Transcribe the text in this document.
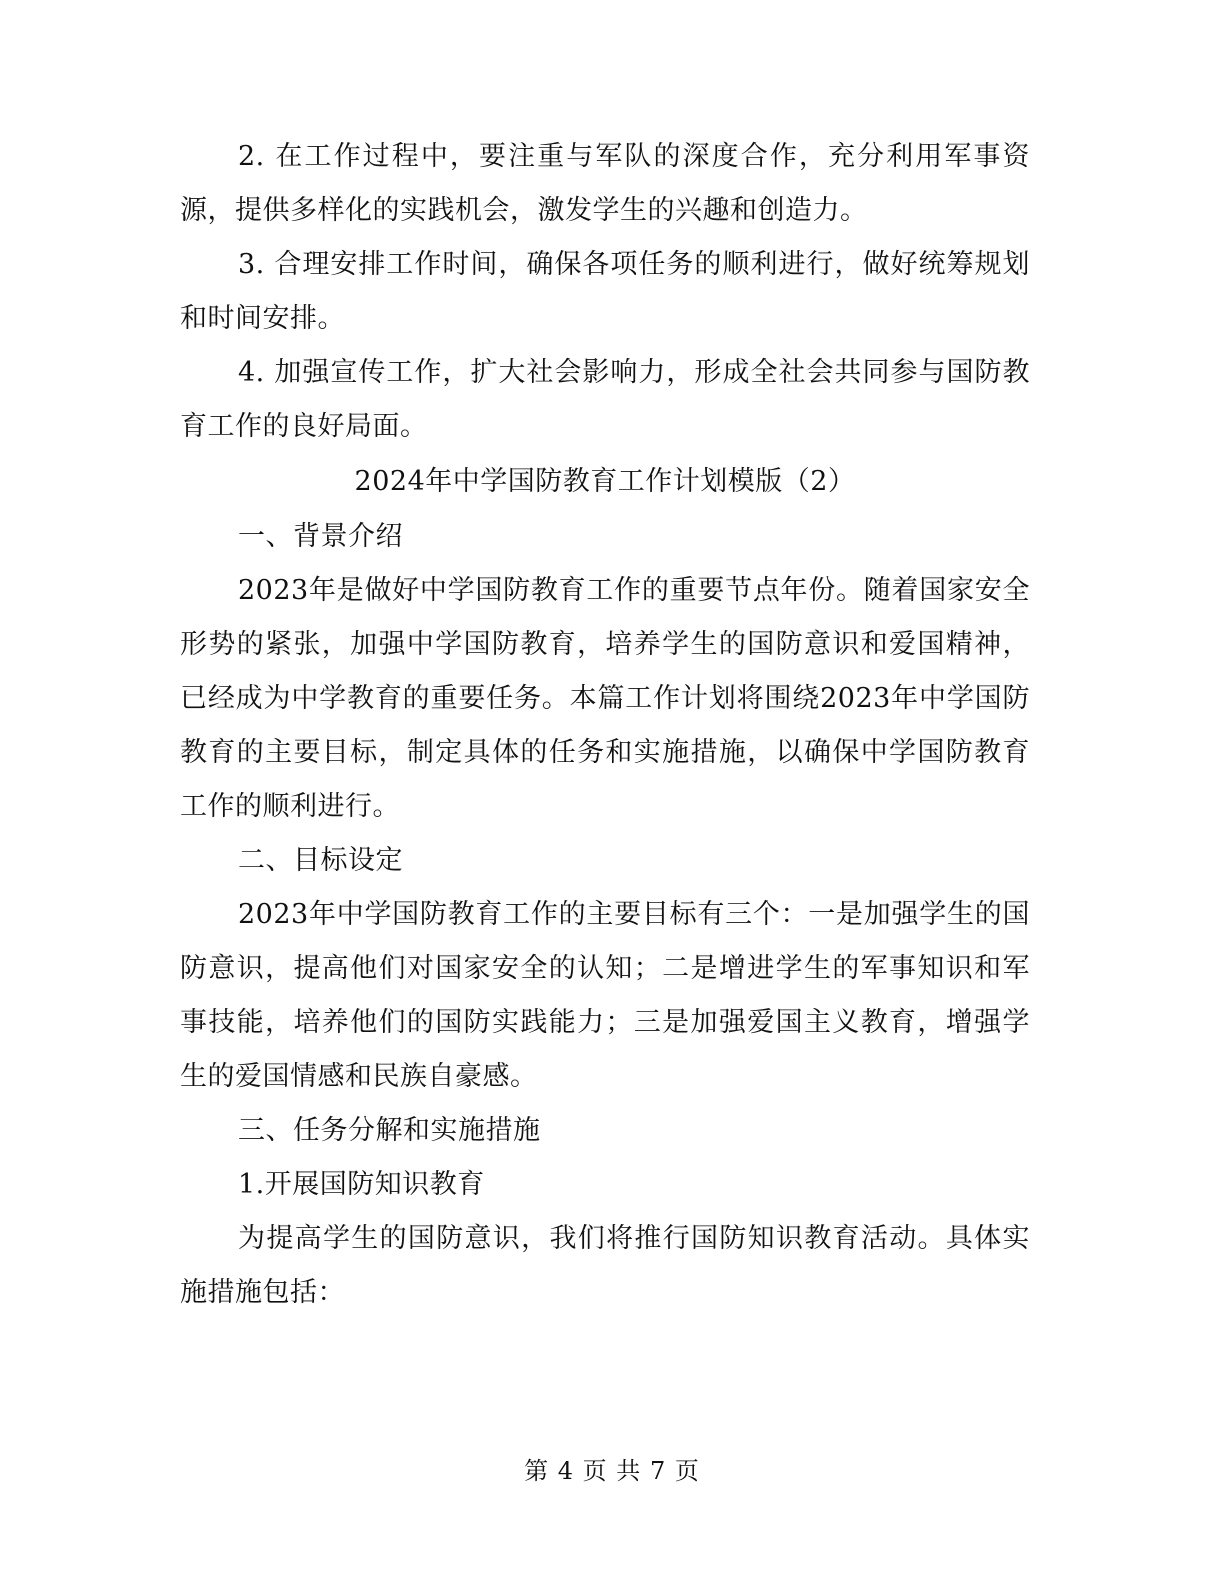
2. 在工作过程中，要注重与军队的深度合作，充分利用军事资源，提供多样化的实践机会，激发学生的兴趣和创造力。

3. 合理安排工作时间，确保各项任务的顺利进行，做好统筹规划和时间安排。

4. 加强宣传工作，扩大社会影响力，形成全社会共同参与国防教育工作的良好局面。

2024年中学国防教育工作计划模版（2）

一、背景介绍

2023年是做好中学国防教育工作的重要节点年份。随着国家安全形势的紧张，加强中学国防教育，培养学生的国防意识和爱国精神，已经成为中学教育的重要任务。本篇工作计划将围绕2023年中学国防教育的主要目标，制定具体的任务和实施措施，以确保中学国防教育工作的顺利进行。

二、目标设定

2023年中学国防教育工作的主要目标有三个：一是加强学生的国防意识，提高他们对国家安全的认知；二是增进学生的军事知识和军事技能，培养他们的国防实践能力；三是加强爱国主义教育，增强学生的爱国情感和民族自豪感。

三、任务分解和实施措施

1.开展国防知识教育

为提高学生的国防意识，我们将推行国防知识教育活动。具体实施措施包括：

第 4 页 共 7 页
